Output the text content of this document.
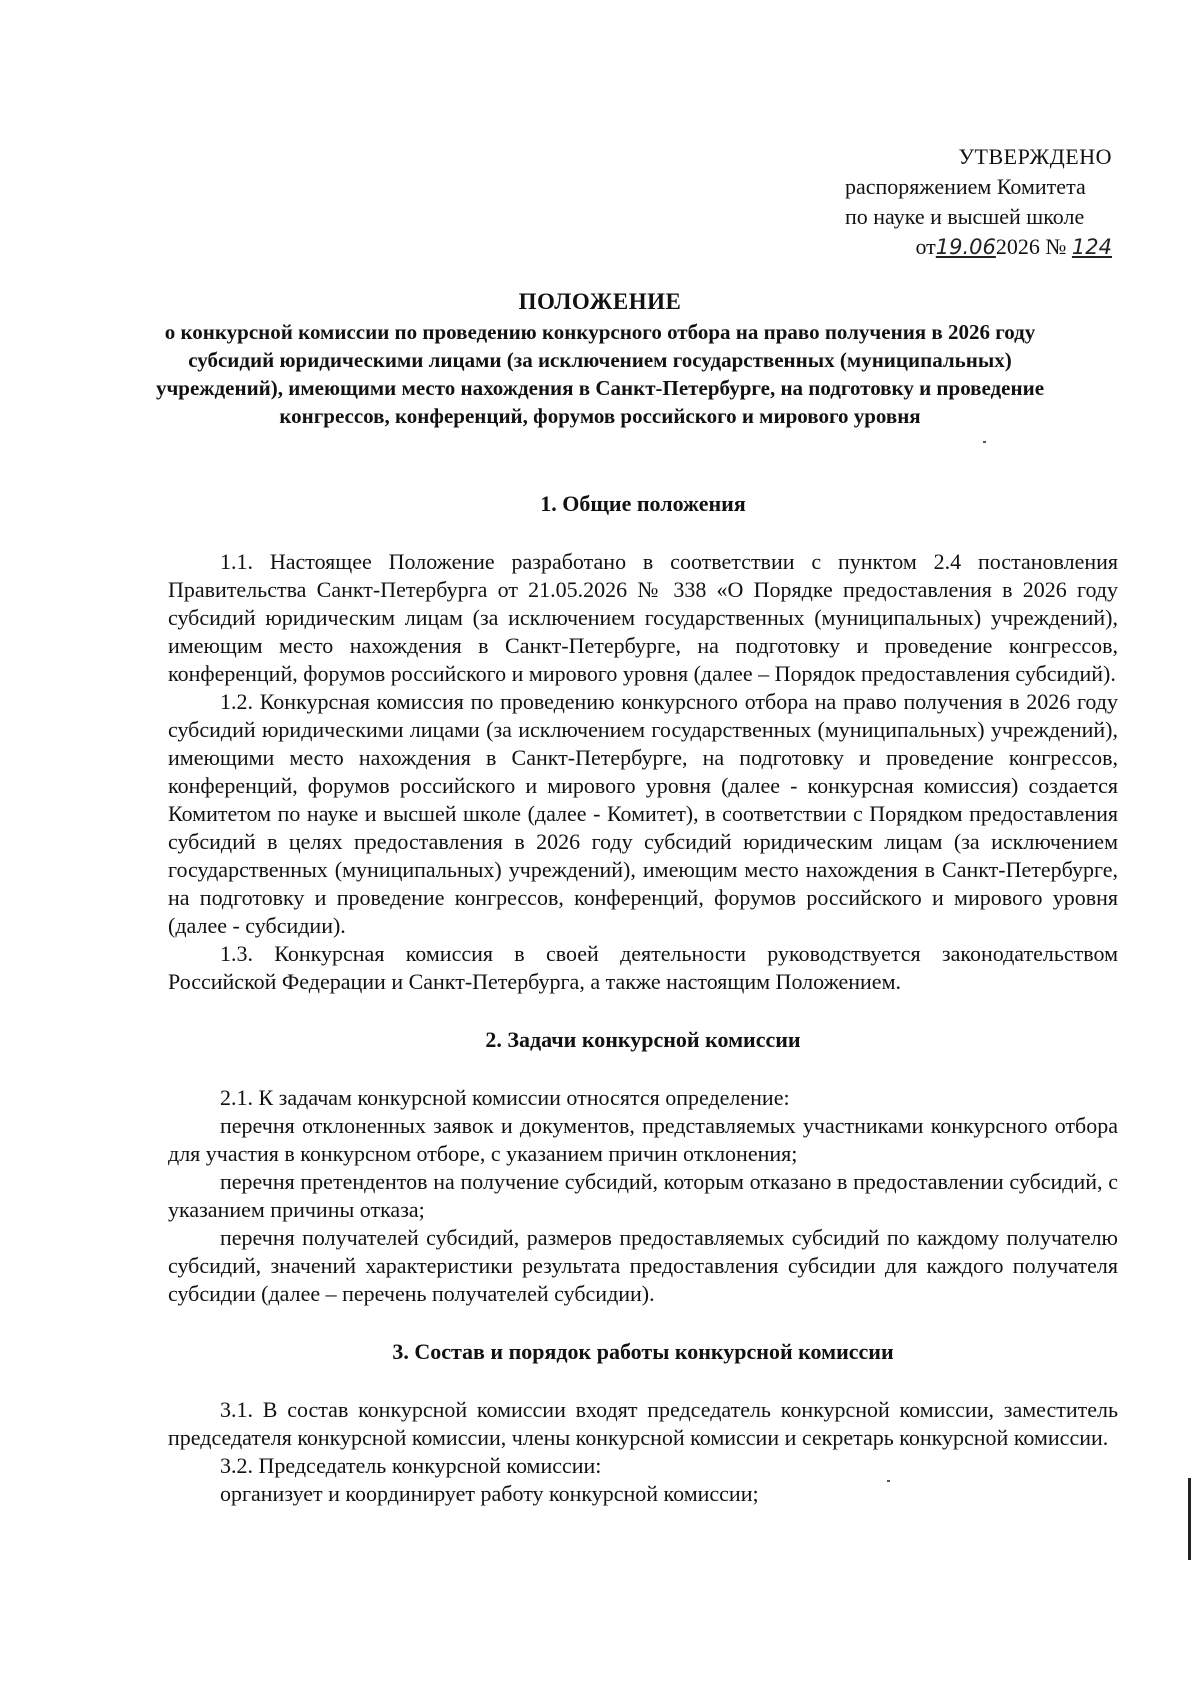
УТВЕРЖДЕНО
распоряжением Комитета
по науке и высшей школе
от19.062026 № 124
ПОЛОЖЕНИЕ
о конкурсной комиссии по проведению конкурсного отбора на право получения в 2026 году субсидий юридическими лицами (за исключением государственных (муниципальных) учреждений), имеющими место нахождения в Санкт-Петербурге, на подготовку и проведение конгрессов, конференций, форумов российского и мирового уровня

1. Общие положения

1.1. Настоящее Положение разработано в соответствии с пунктом 2.4 постановления Правительства Санкт-Петербурга от 21.05.2026 № 338 «О Порядке предоставления в 2026 году субсидий юридическим лицам (за исключением государственных (муниципальных) учреждений), имеющим место нахождения в Санкт-Петербурге, на подготовку и проведение конгрессов, конференций, форумов российского и мирового уровня (далее – Порядок предоставления субсидий).

1.2. Конкурсная комиссия по проведению конкурсного отбора на право получения в 2026 году субсидий юридическими лицами (за исключением государственных (муниципальных) учреждений), имеющими место нахождения в Санкт-Петербурге, на подготовку и проведение конгрессов, конференций, форумов российского и мирового уровня (далее - конкурсная комиссия) создается Комитетом по науке и высшей школе (далее - Комитет), в соответствии с Порядком предоставления субсидий в целях предоставления в 2026 году субсидий юридическим лицам (за исключением государственных (муниципальных) учреждений), имеющим место нахождения в Санкт-Петербурге, на подготовку и проведение конгрессов, конференций, форумов российского и мирового уровня (далее - субсидии).

1.3. Конкурсная комиссия в своей деятельности руководствуется законодательством Российской Федерации и Санкт-Петербурга, а также настоящим Положением.

2. Задачи конкурсной комиссии

2.1. К задачам конкурсной комиссии относятся определение:

перечня отклоненных заявок и документов, представляемых участниками конкурсного отбора для участия в конкурсном отборе, с указанием причин отклонения;

перечня претендентов на получение субсидий, которым отказано в предоставлении субсидий, с указанием причины отказа;

перечня получателей субсидий, размеров предоставляемых субсидий по каждому получателю субсидий, значений характеристики результата предоставления субсидии для каждого получателя субсидии (далее – перечень получателей субсидии).

3. Состав и порядок работы конкурсной комиссии

3.1. В состав конкурсной комиссии входят председатель конкурсной комиссии, заместитель председателя конкурсной комиссии, члены конкурсной комиссии и секретарь конкурсной комиссии.

3.2. Председатель конкурсной комиссии:

организует и координирует работу конкурсной комиссии;
